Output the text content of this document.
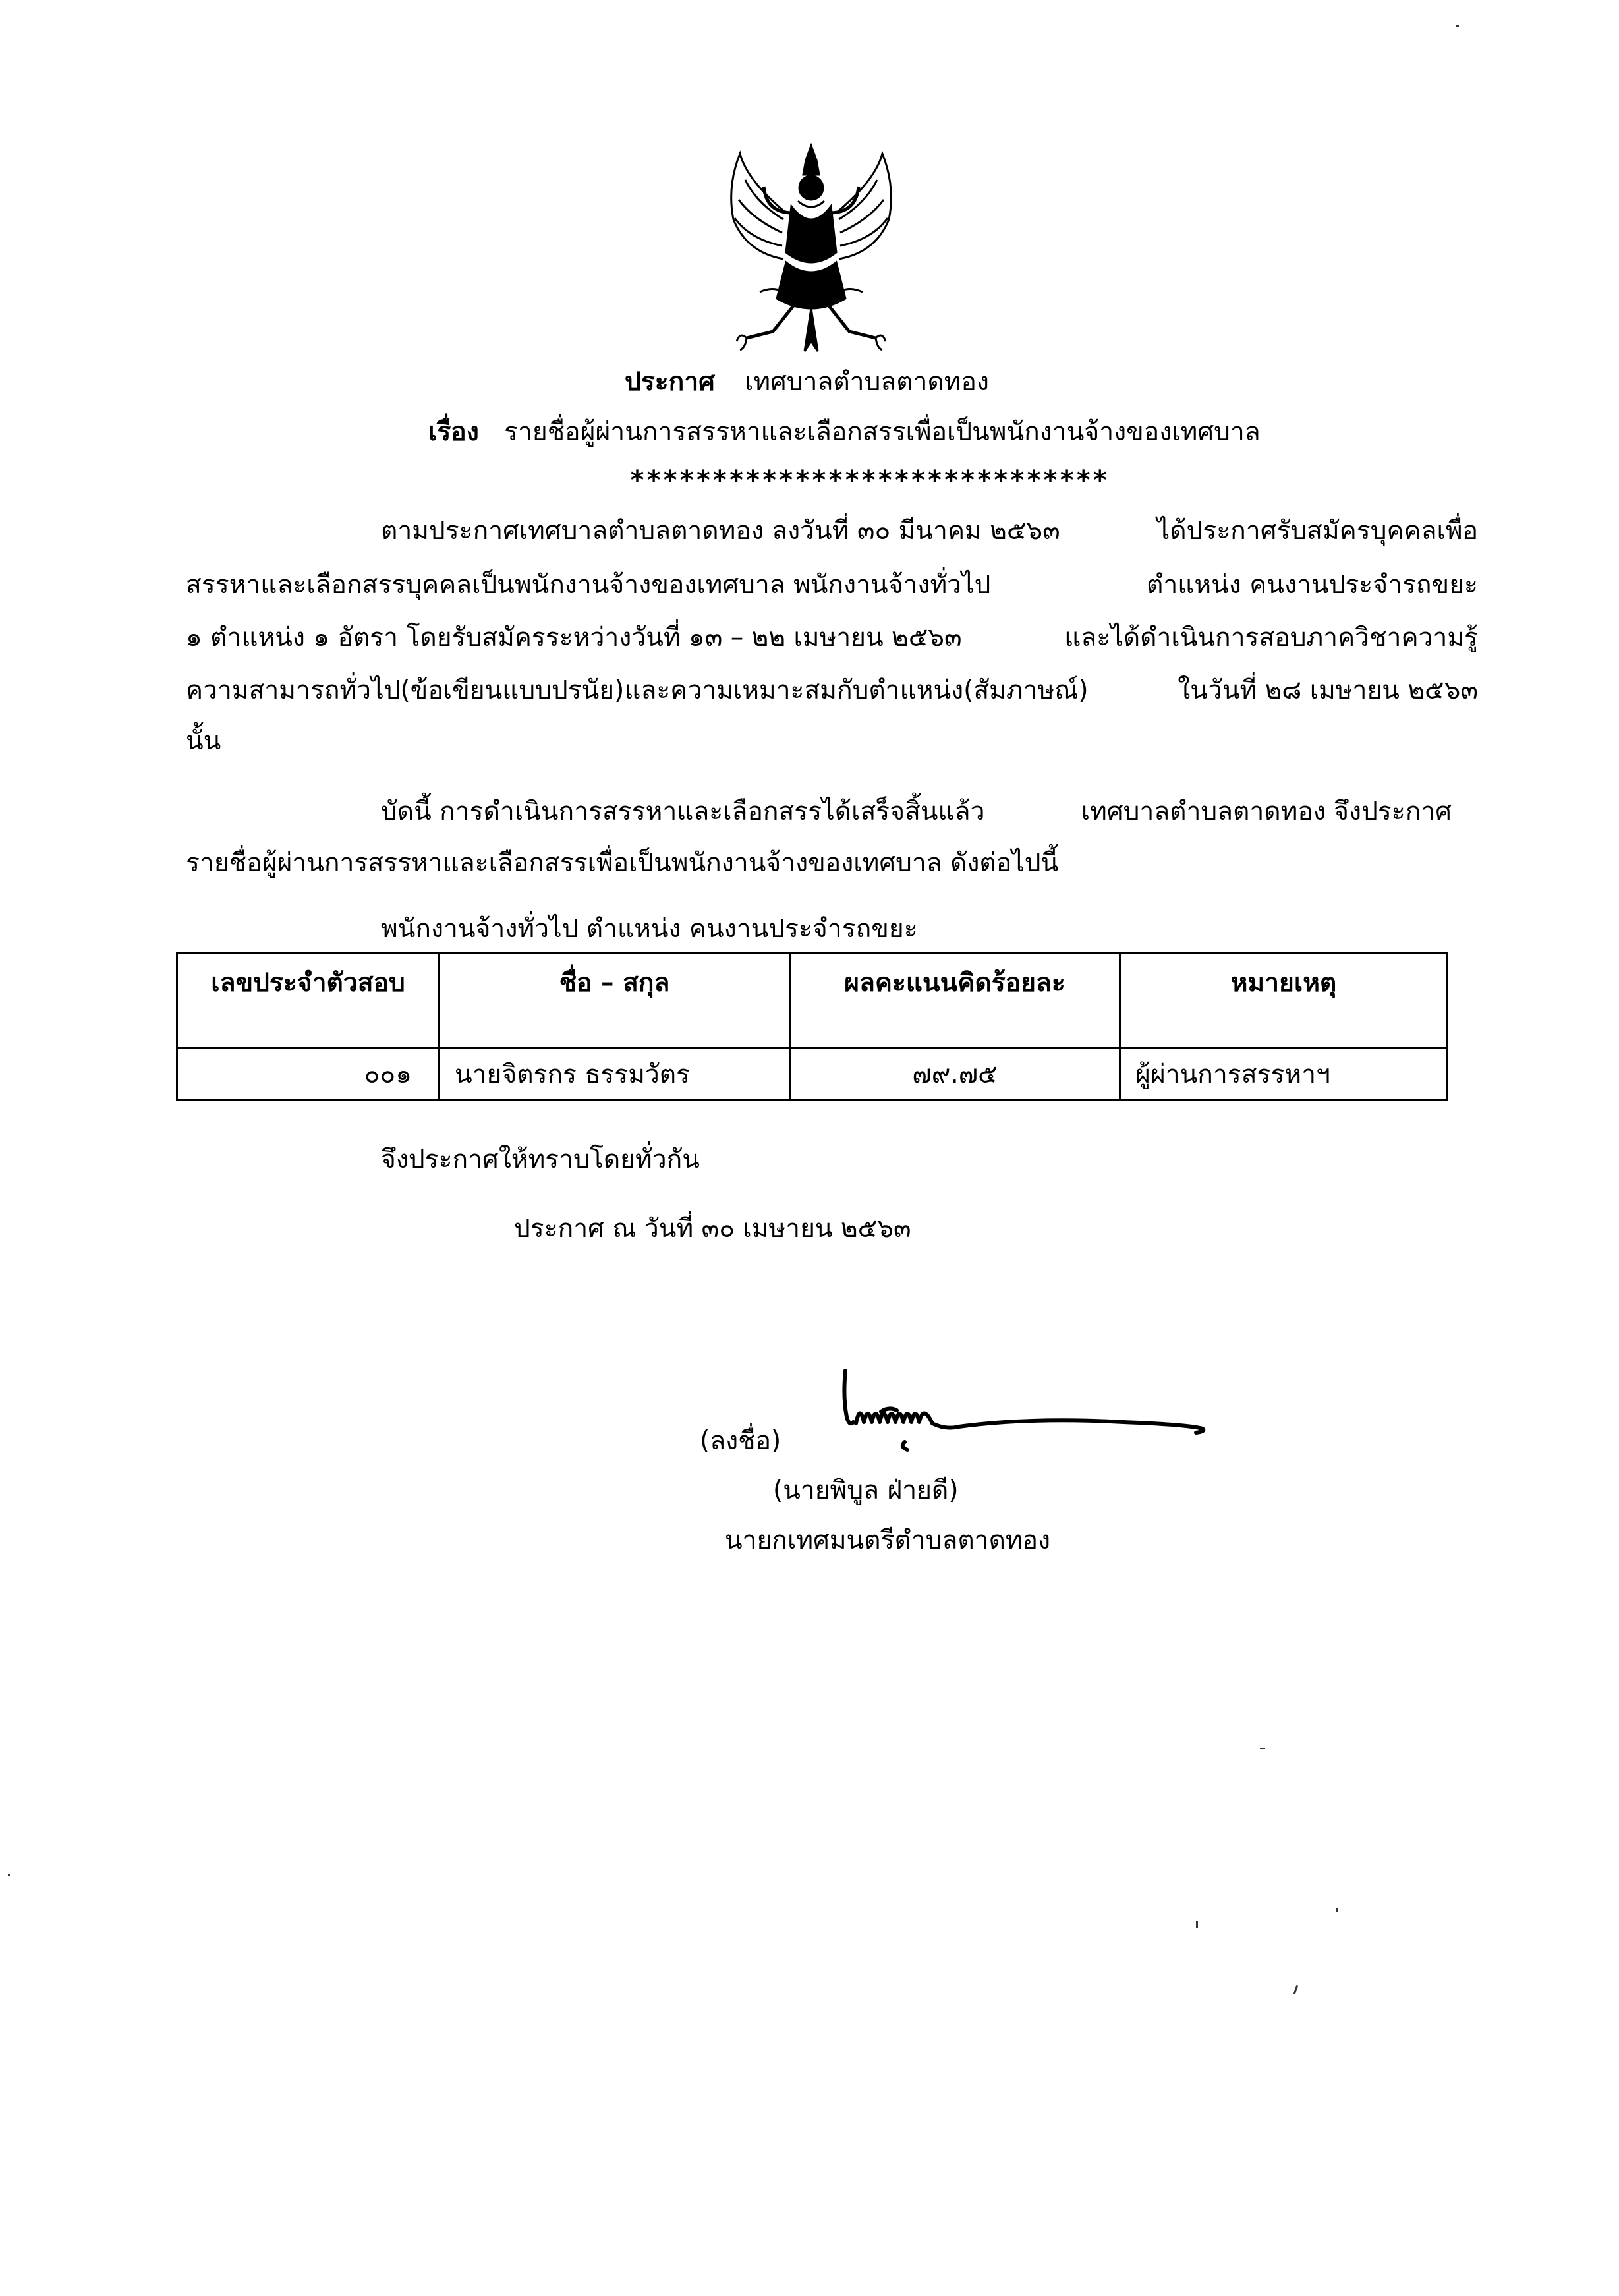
ประกาศ เทศบาลตำบลตาดทอง
เรื่อง รายชื่อผู้ผ่านการสรรหาและเลือกสรรเพื่อเป็นพนักงานจ้างของเทศบาล
*****************************
ตามประกาศเทศบาลตำบลตาดทอง ลงวันที่ ๓๐ มีนาคม ๒๕๖๓	ได้ประกาศรับสมัครบุคคลเพื่อ
สรรหาและเลือกสรรบุคคลเป็นพนักงานจ้างของเทศบาล พนักงานจ้างทั่วไป	ตำแหน่ง คนงานประจำรถขยะ
๑ ตำแหน่ง ๑ อัตรา โดยรับสมัครระหว่างวันที่ ๑๓ – ๒๒ เมษายน ๒๕๖๓	และได้ดำเนินการสอบภาควิชาความรู้
ความสามารถทั่วไป(ข้อเขียนแบบปรนัย)และความเหมาะสมกับตำแหน่ง(สัมภาษณ์)	ในวันที่ ๒๘ เมษายน ๒๕๖๓
นั้น
บัดนี้ การดำเนินการสรรหาและเลือกสรรได้เสร็จสิ้นแล้ว	เทศบาลตำบลตาดทอง จึงประกาศ
รายชื่อผู้ผ่านการสรรหาและเลือกสรรเพื่อเป็นพนักงานจ้างของเทศบาล ดังต่อไปนี้
พนักงานจ้างทั่วไป ตำแหน่ง คนงานประจำรถขยะ
เลขประจำตัวสอบ	ชื่อ – สกุล	ผลคะแนนคิดร้อยละ	หมายเหตุ
๐๐๑	นายจิตรกร ธรรมวัตร	๗๙.๗๕	ผู้ผ่านการสรรหาฯ
จึงประกาศให้ทราบโดยทั่วกัน
ประกาศ ณ วันที่ ๓๐ เมษายน ๒๕๖๓
(ลงชื่อ)
(นายพิบูล ฝ่ายดี)
นายกเทศมนตรีตำบลตาดทอง
